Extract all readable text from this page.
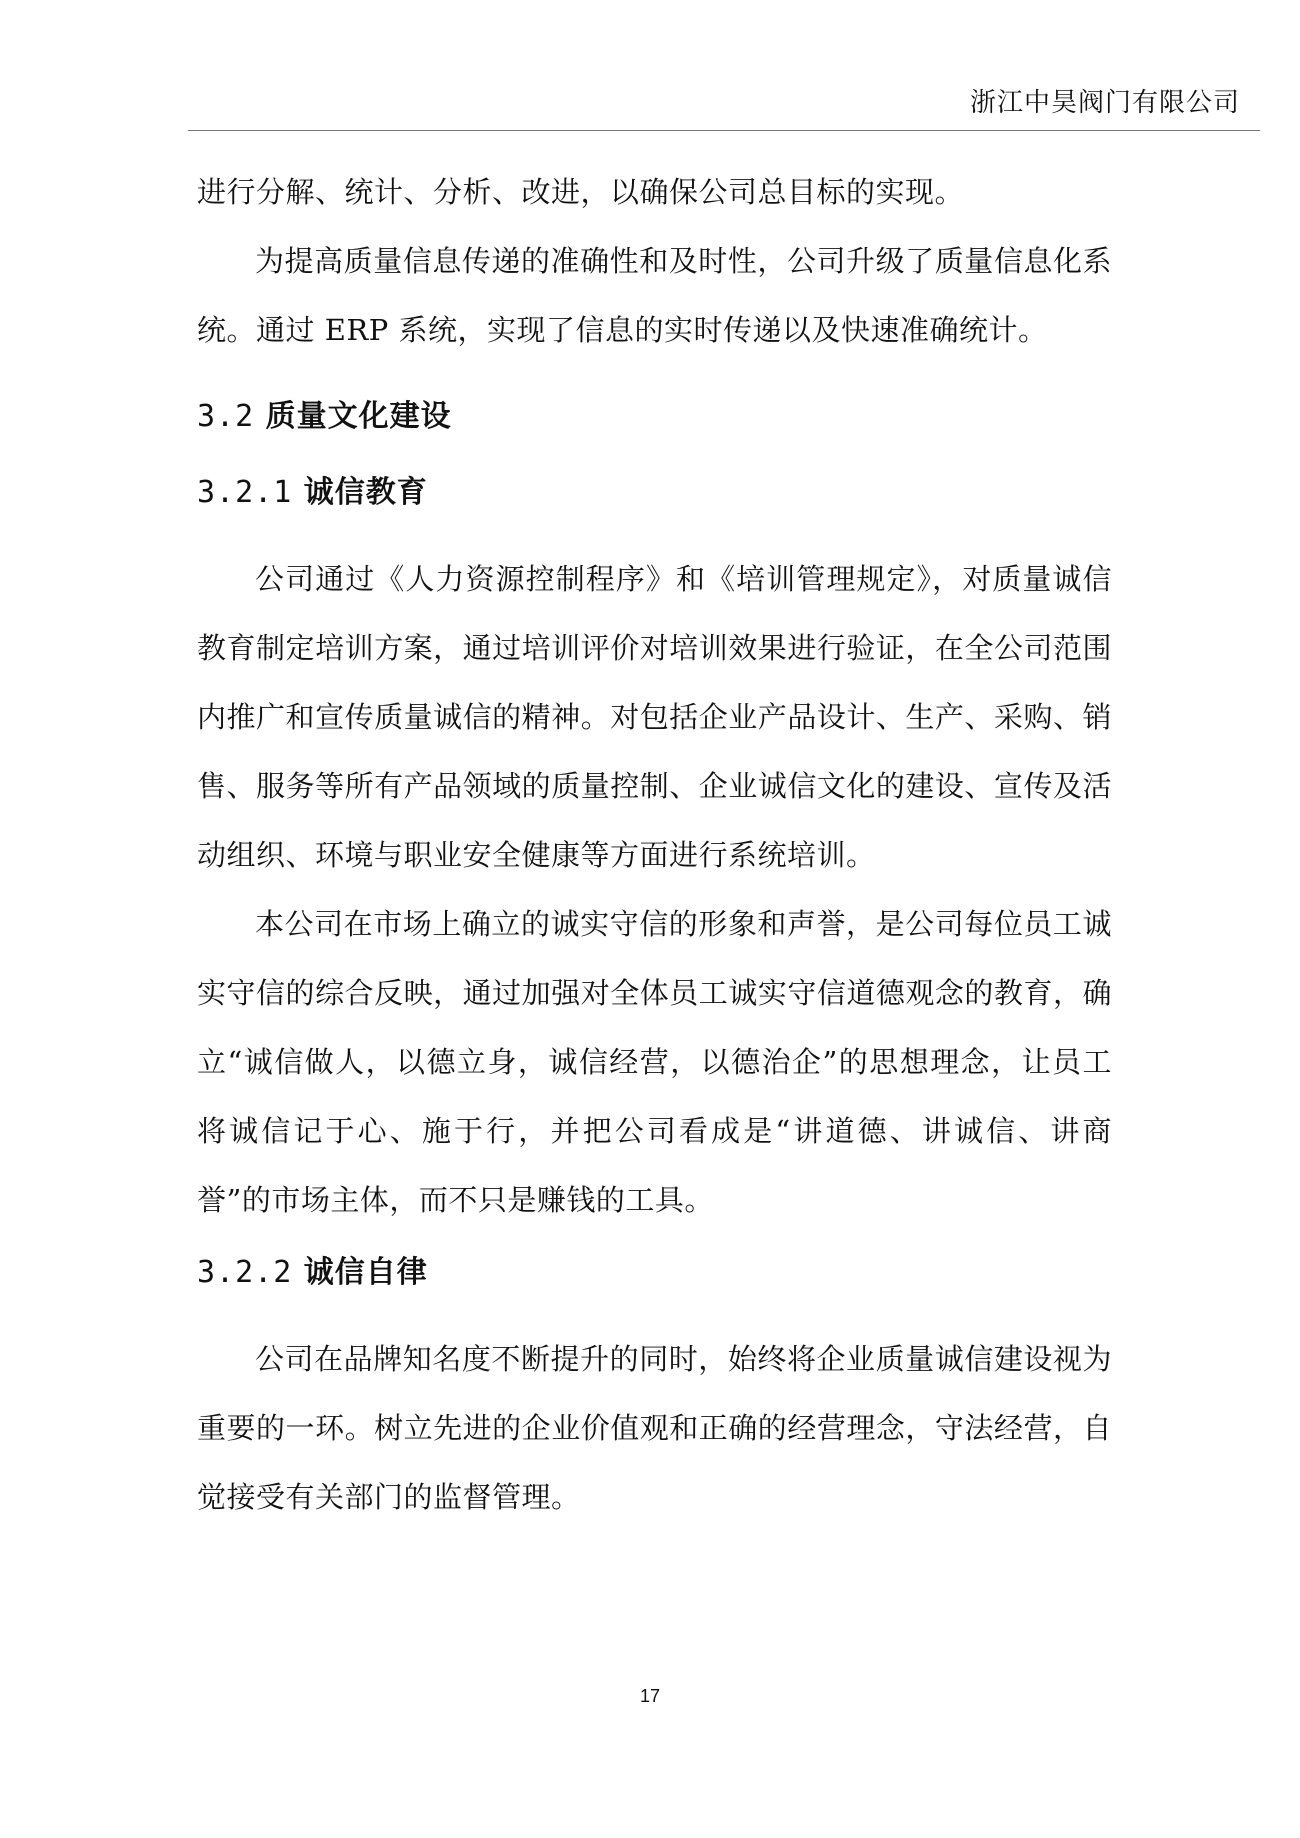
浙江中昊阀门有限公司

进行分解、统计、分析、改进，以确保公司总目标的实现。

为提高质量信息传递的准确性和及时性，公司升级了质量信息化系统。通过 ERP 系统，实现了信息的实时传递以及快速准确统计。

3.2 质量文化建设
3.2.1 诚信教育

公司通过《人力资源控制程序》和《培训管理规定》，对质量诚信教育制定培训方案，通过培训评价对培训效果进行验证，在全公司范围内推广和宣传质量诚信的精神。对包括企业产品设计、生产、采购、销售、服务等所有产品领域的质量控制、企业诚信文化的建设、宣传及活动组织、环境与职业安全健康等方面进行系统培训。

本公司在市场上确立的诚实守信的形象和声誉，是公司每位员工诚实守信的综合反映，通过加强对全体员工诚实守信道德观念的教育，确立“诚信做人，以德立身，诚信经营，以德治企”的思想理念，让员工将诚信记于心、施于行，并把公司看成是“讲道德、讲诚信、讲商誉”的市场主体，而不只是赚钱的工具。

3.2.2 诚信自律

公司在品牌知名度不断提升的同时，始终将企业质量诚信建设视为重要的一环。树立先进的企业价值观和正确的经营理念，守法经营，自觉接受有关部门的监督管理。

17
